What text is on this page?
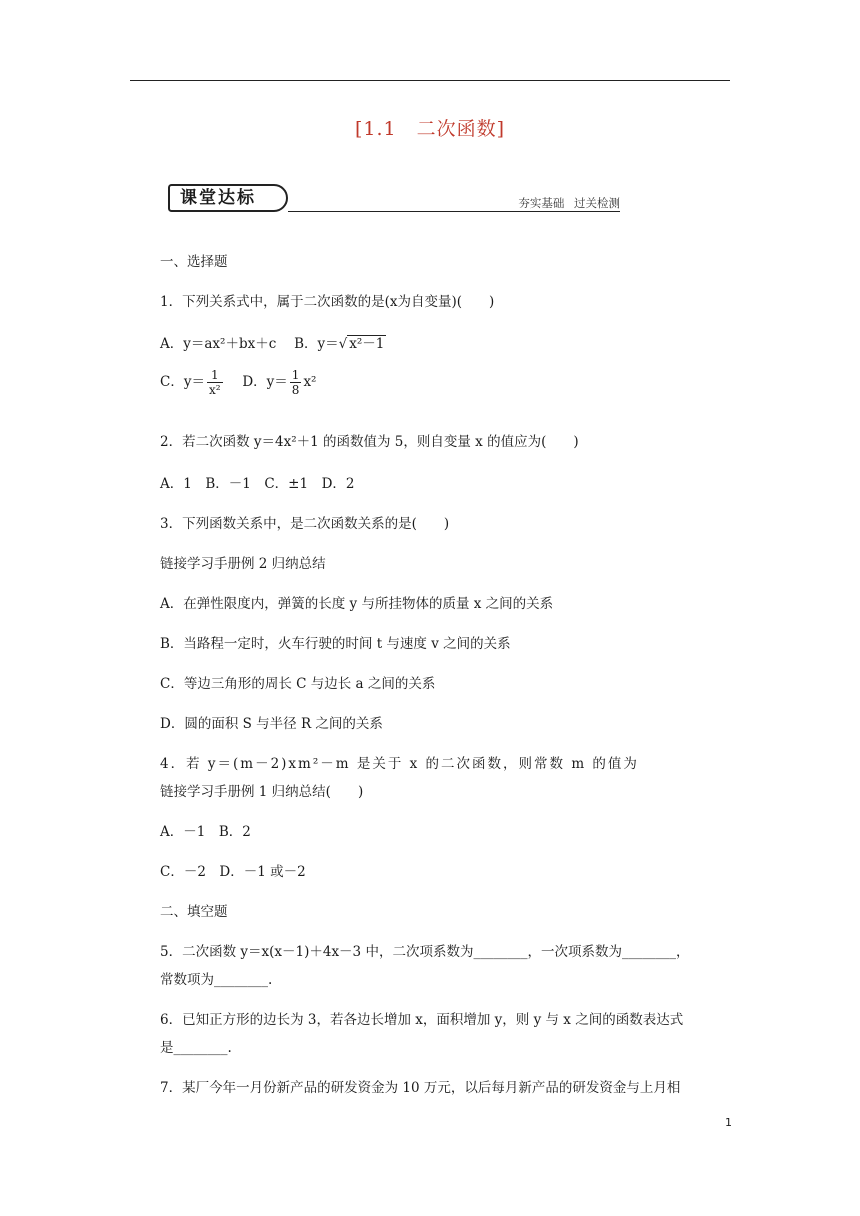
[1.1　二次函数]
课堂达标	夯实基础 过关检测
一、选择题
1．下列关系式中，属于二次函数的是(x为自变量)(　　)
A．y＝ax²＋bx＋c　 B．y＝√ x²－1
C．$y= \frac{1}{\text{x²}}$
　 D．$y= \frac{1}{8} x^2$
2．若二次函数 y＝4x²＋1 的函数值为 5，则自变量 x 的值应为(　　)
A．1　B．－1　C．±1　D．2
3．下列函数关系中，是二次函数关系的是(　　)
链接学习手册例 2 归纳总结
A．在弹性限度内，弹簧的长度 y 与所挂物体的质量 x 之间的关系
B．当路程一定时，火车行驶的时间 t 与速度 v 之间的关系
C．等边三角形的周长 C 与边长 a 之间的关系
D．圆的面积 S 与半径 R 之间的关系
4．若 y＝(m－2)xm²－m 是关于 x 的二次函数，则常数 m 的值为
链接学习手册例 1 归纳总结(　　)
A．－1　B．2
C．－2　D．－1 或－2
二、填空题
5．二次函数 y＝x(x－1)＋4x－3 中，二次项系数为________，一次项系数为________，
常数项为________.
6．已知正方形的边长为 3，若各边长增加 x，面积增加 y，则 y 与 x 之间的函数表达式
是________.
7．某厂今年一月份新产品的研发资金为 10 万元，以后每月新产品的研发资金与上月相
1
